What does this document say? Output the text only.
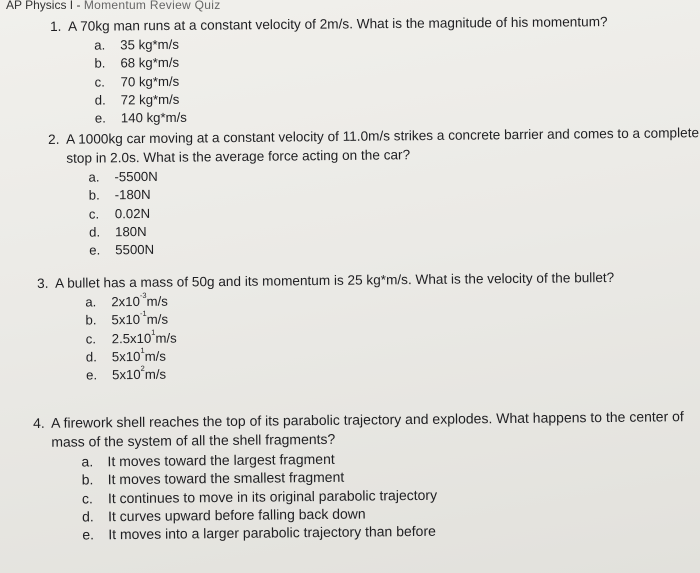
AP Physics I - Momentum Review Quiz
1. A 70kg man runs at a constant velocity of 2m/s. What is the magnitude of his momentum?
a.	35 kg*m/s
b.	68 kg*m/s
c.	70 kg*m/s
d.	72 kg*m/s
e.	140 kg*m/s
2. A 1000kg car moving at a constant velocity of 11.0m/s strikes a concrete barrier and comes to a complete stop in 2.0s. What is the average force acting on the car?
a.	-5500N
b.	-180N
c.	0.02N
d.	180N
e.	5500N
3. A bullet has a mass of 50g and its momentum is 25 kg*m/s. What is the velocity of the bullet?
a.	$2x10^{-3}$ m/s
b.	$5x10^{-1}$ m/s
c.	$2.5x10^1$ m/s
d.	$5x10^1$ m/s
e.	$5x10^2$ m/s
4. A firework shell reaches the top of its parabolic trajectory and explodes. What happens to the center of mass of the system of all the shell fragments?
a.	It moves toward the largest fragment
b.	It moves toward the smallest fragment
c.	It continues to move in its original parabolic trajectory
d.	It curves upward before falling back down
e.	It moves into a larger parabolic trajectory than before
